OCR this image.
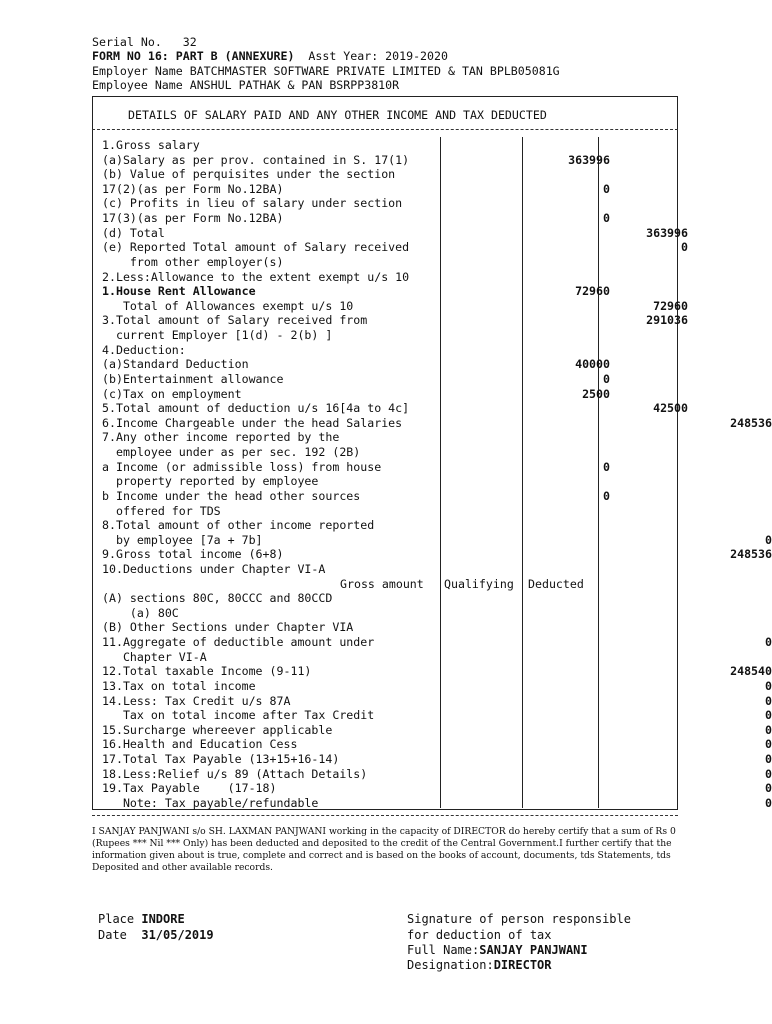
Serial No.   32
FORM NO 16: PART B (ANNEXURE)  Asst Year: 2019-2020
Employer Name BATCHMASTER SOFTWARE PRIVATE LIMITED & TAN BPLB05081G
Employee Name ANSHUL PATHAK & PAN BSRPP3810R
DETAILS OF SALARY PAID AND ANY OTHER INCOME AND TAX DEDUCTED
Gross amount Qualifying Deducted
1.Gross salary
(a)Salary as per prov. contained in S. 17(1)	363996
(b) Value of perquisites under the section
17(2)(as per Form No.12BA)	0
(c) Profits in lieu of salary under section
17(3)(as per Form No.12BA)	0
(d) Total	363996
(e) Reported Total amount of Salary received	0
from other employer(s)
2.Less:Allowance to the extent exempt u/s 10
1.House Rent Allowance	72960
Total of Allowances exempt u/s 10	72960
3.Total amount of Salary received from	291036
current Employer [1(d) - 2(b) ]
4.Deduction:
(a)Standard Deduction	40000
(b)Entertainment allowance	0
(c)Tax on employment	2500
5.Total amount of deduction u/s 16[4a to 4c]	42500
6.Income Chargeable under the head Salaries	248536
7.Any other income reported by the
employee under as per sec. 192 (2B)
a Income (or admissible loss) from house	0
property reported by employee
b Income under the head other sources	0
offered for TDS
8.Total amount of other income reported
by employee [7a + 7b]	0
9.Gross total income (6+8)	248536
10.Deductions under Chapter VI-A
(A) sections 80C, 80CCC and 80CCD
(a) 80C
(B) Other Sections under Chapter VIA
11.Aggregate of deductible amount under	0
Chapter VI-A
12.Total taxable Income (9-11)	248540
13.Tax on total income	0
14.Less: Tax Credit u/s 87A	0
Tax on total income after Tax Credit	0
15.Surcharge whereever applicable	0
16.Health and Education Cess	0
17.Total Tax Payable (13+15+16-14)	0
18.Less:Relief u/s 89 (Attach Details)	0
19.Tax Payable    (17-18)	0
Note: Tax payable/refundable	0
I SANJAY PANJWANI s/o SH. LAXMAN PANJWANI working in the capacity of DIRECTOR do hereby certify that a sum of Rs 0 (Rupees *** Nil *** Only) has been deducted and deposited to the credit of the Central Government.I further certify that the information given about is true, complete and correct and is based on the books of account, documents, tds Statements, tds Deposited and other available records.
Place INDORE
Date 31/05/2019
Signature of person responsible
for deduction of tax
Full Name:SANJAY PANJWANI
Designation:DIRECTOR
